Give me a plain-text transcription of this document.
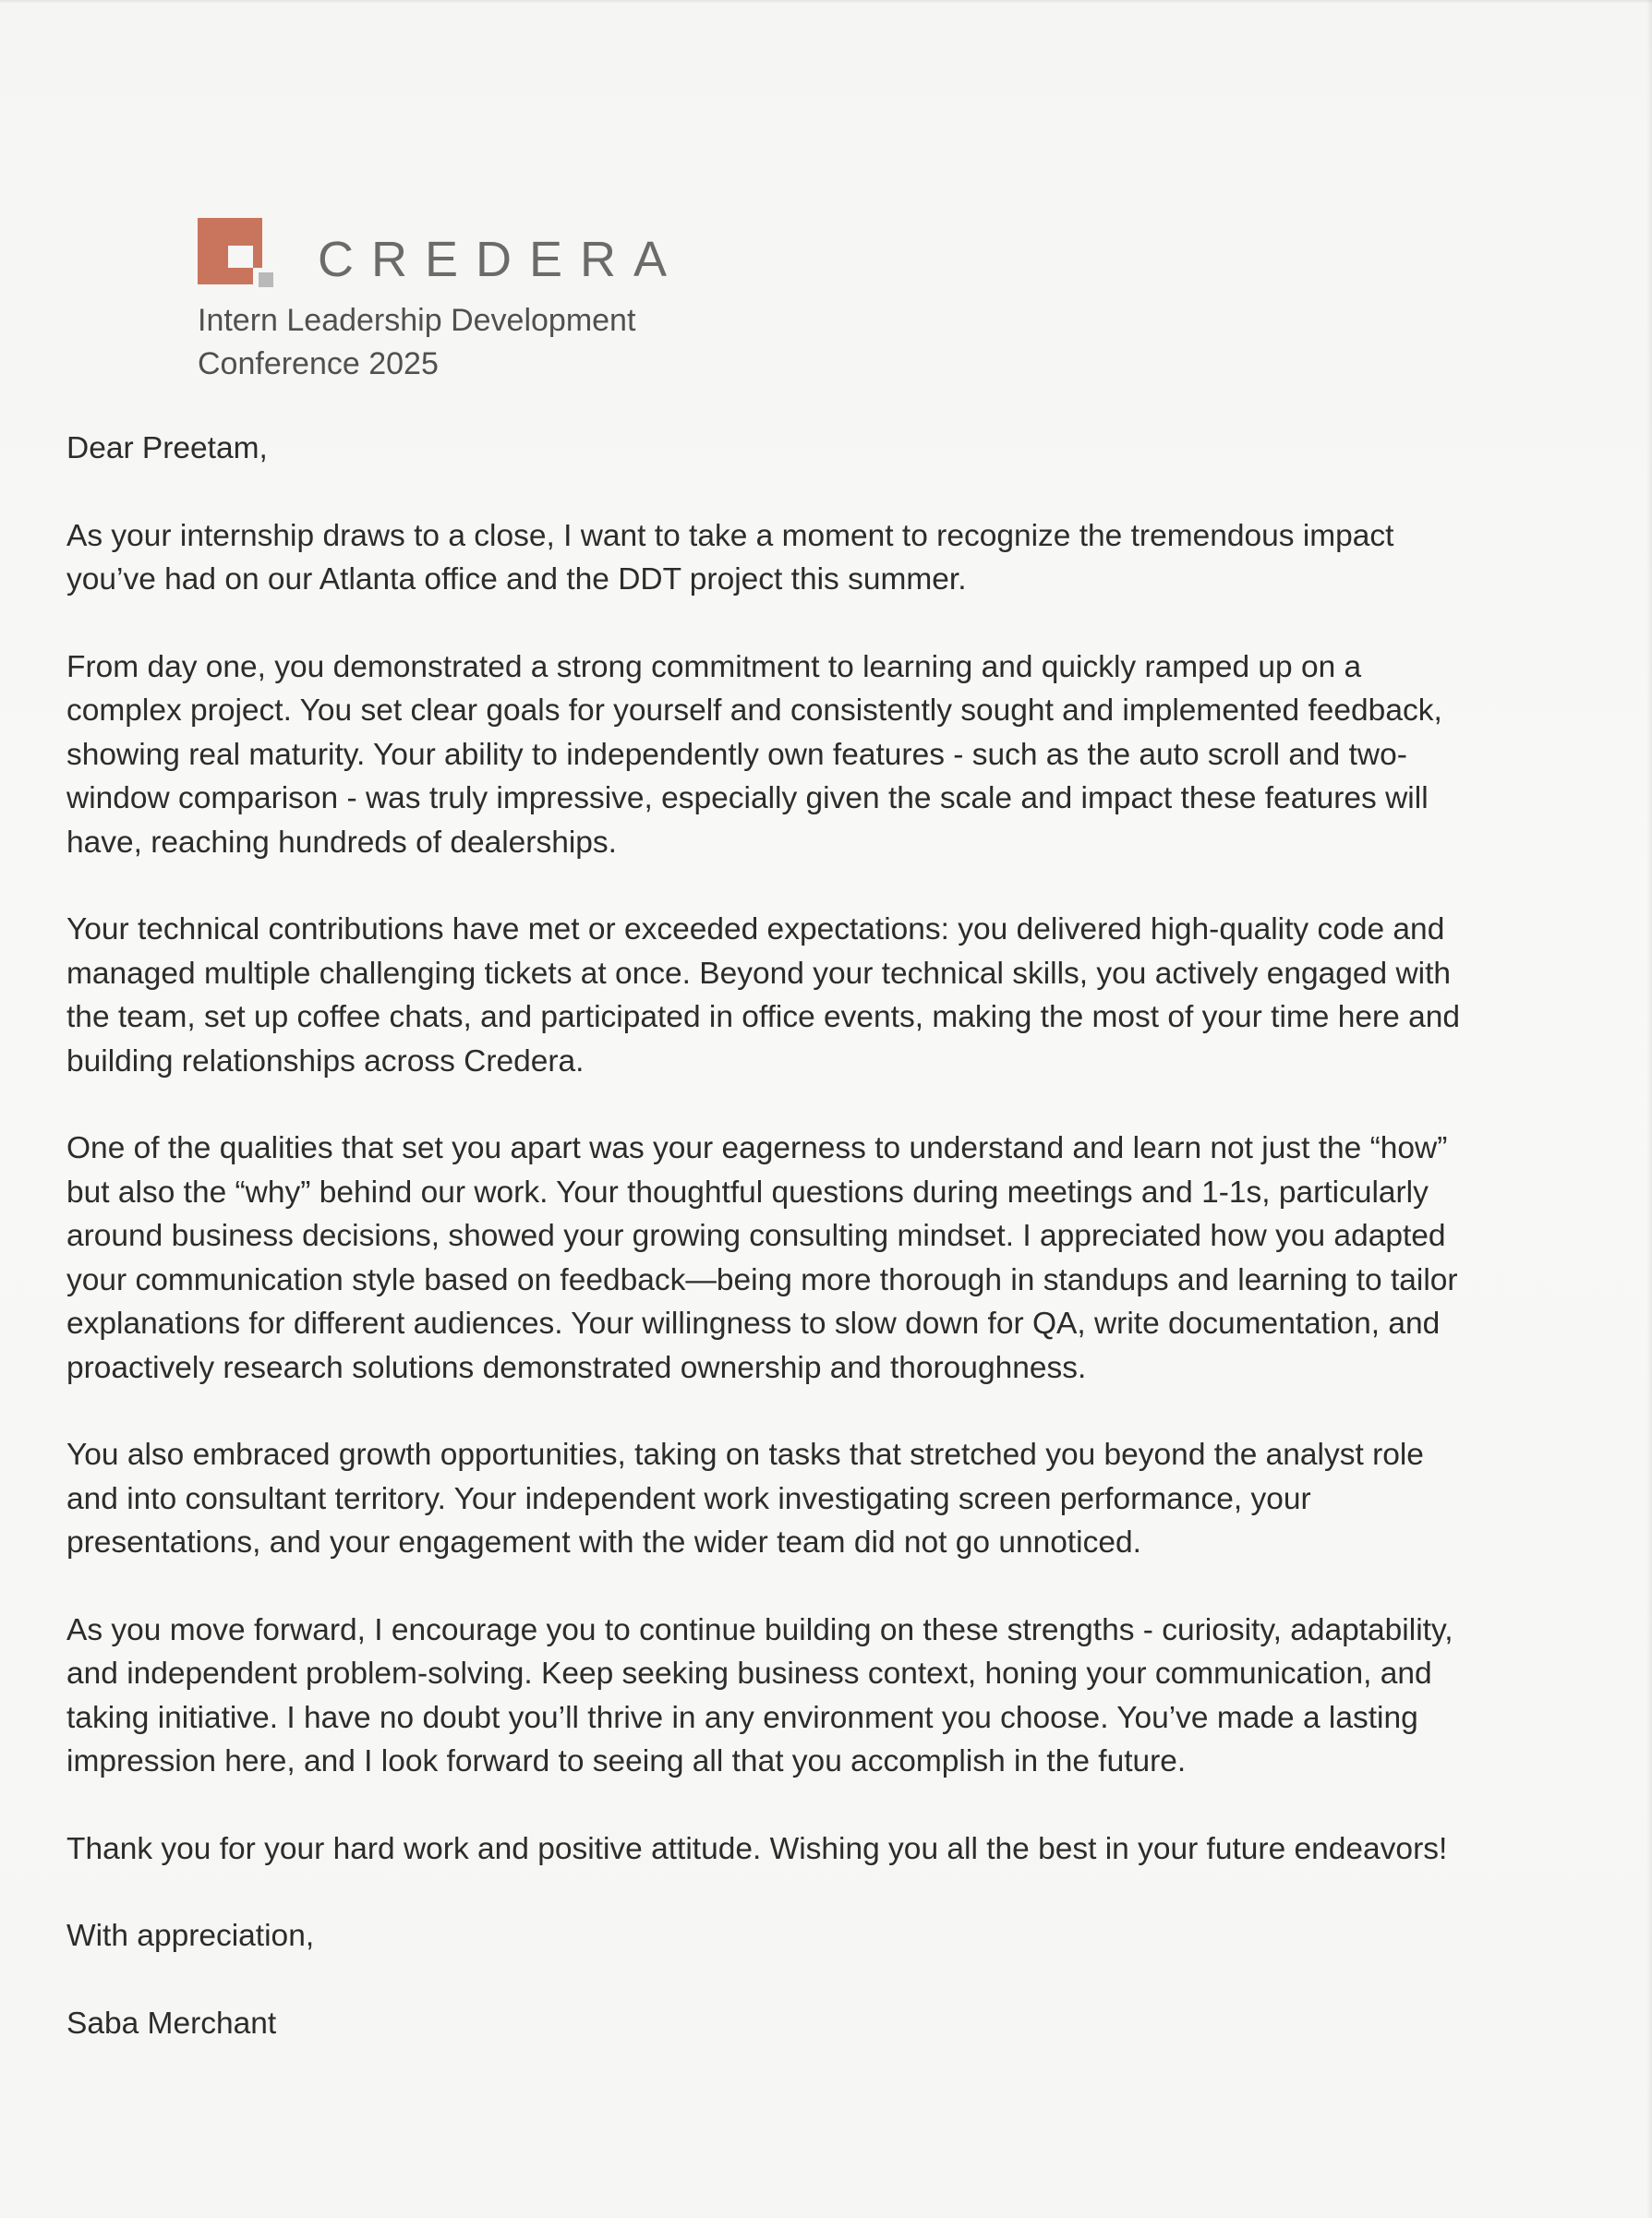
CREDERA
Intern Leadership Development
Conference 2025

Dear Preetam,

As your internship draws to a close, I want to take a moment to recognize the tremendous impact
you’ve had on our Atlanta office and the DDT project this summer.

From day one, you demonstrated a strong commitment to learning and quickly ramped up on a
complex project. You set clear goals for yourself and consistently sought and implemented feedback,
showing real maturity. Your ability to independently own features - such as the auto scroll and two-
window comparison - was truly impressive, especially given the scale and impact these features will
have, reaching hundreds of dealerships.

Your technical contributions have met or exceeded expectations: you delivered high-quality code and
managed multiple challenging tickets at once. Beyond your technical skills, you actively engaged with
the team, set up coffee chats, and participated in office events, making the most of your time here and
building relationships across Credera.

One of the qualities that set you apart was your eagerness to understand and learn not just the “how”
but also the “why” behind our work. Your thoughtful questions during meetings and 1-1s, particularly
around business decisions, showed your growing consulting mindset. I appreciated how you adapted
your communication style based on feedback—being more thorough in standups and learning to tailor
explanations for different audiences. Your willingness to slow down for QA, write documentation, and
proactively research solutions demonstrated ownership and thoroughness.

You also embraced growth opportunities, taking on tasks that stretched you beyond the analyst role
and into consultant territory. Your independent work investigating screen performance, your
presentations, and your engagement with the wider team did not go unnoticed.

As you move forward, I encourage you to continue building on these strengths - curiosity, adaptability,
and independent problem-solving. Keep seeking business context, honing your communication, and
taking initiative. I have no doubt you’ll thrive in any environment you choose. You’ve made a lasting
impression here, and I look forward to seeing all that you accomplish in the future.

Thank you for your hard work and positive attitude. Wishing you all the best in your future endeavors!

With appreciation,

Saba Merchant
